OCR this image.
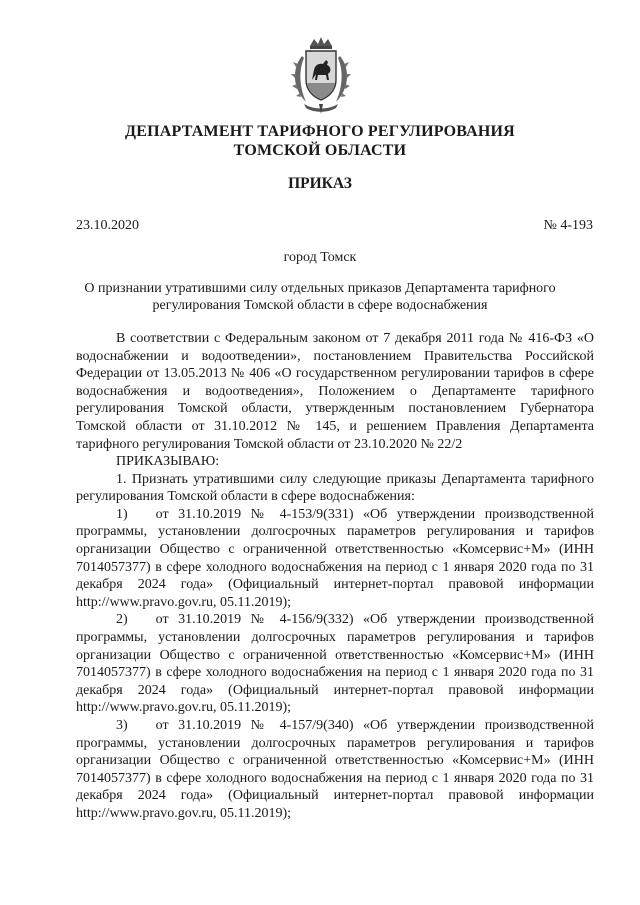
ДЕПАРТАМЕНТ ТАРИФНОГО РЕГУЛИРОВАНИЯ
ТОМСКОЙ ОБЛАСТИ
ПРИКАЗ
23.10.2020	№ 4-193
город Томск
О признании утратившими силу отдельных приказов Департамента тарифного регулирования Томской области в сфере водоснабжения

В соответствии с Федеральным законом от 7 декабря 2011 года № 416-ФЗ «О водоснабжении и водоотведении», постановлением Правительства Российской Федерации от 13.05.2013 № 406 «О государственном регулировании тарифов в сфере водоснабжения и водоотведения», Положением о Департаменте тарифного регулирования Томской области, утвержденным постановлением Губернатора Томской области от 31.10.2012 № 145, и решением Правления Департамента тарифного регулирования Томской области от 23.10.2020 № 22/2

ПРИКАЗЫВАЮ:

1. Признать утратившими силу следующие приказы Департамента тарифного регулирования Томской области в сфере водоснабжения:

1)  от 31.10.2019 № 4-153/9(331) «Об утверждении производственной программы, установлении долгосрочных параметров регулирования и тарифов организации Общество с ограниченной ответственностью «Комсервис+М» (ИНН 7014057377) в сфере холодного водоснабжения на период с 1 января 2020 года по 31 декабря 2024 года» (Официальный интернет-портал правовой информации http://www.pravo.gov.ru, 05.11.2019);

2)  от 31.10.2019 № 4-156/9(332) «Об утверждении производственной программы, установлении долгосрочных параметров регулирования и тарифов организации Общество с ограниченной ответственностью «Комсервис+М» (ИНН 7014057377) в сфере холодного водоснабжения на период с 1 января 2020 года по 31 декабря 2024 года» (Официальный интернет-портал правовой информации http://www.pravo.gov.ru, 05.11.2019);

3)  от 31.10.2019 № 4-157/9(340) «Об утверждении производственной программы, установлении долгосрочных параметров регулирования и тарифов организации Общество с ограниченной ответственностью «Комсервис+М» (ИНН 7014057377) в сфере холодного водоснабжения на период с 1 января 2020 года по 31 декабря 2024 года» (Официальный интернет-портал правовой информации http://www.pravo.gov.ru, 05.11.2019);
